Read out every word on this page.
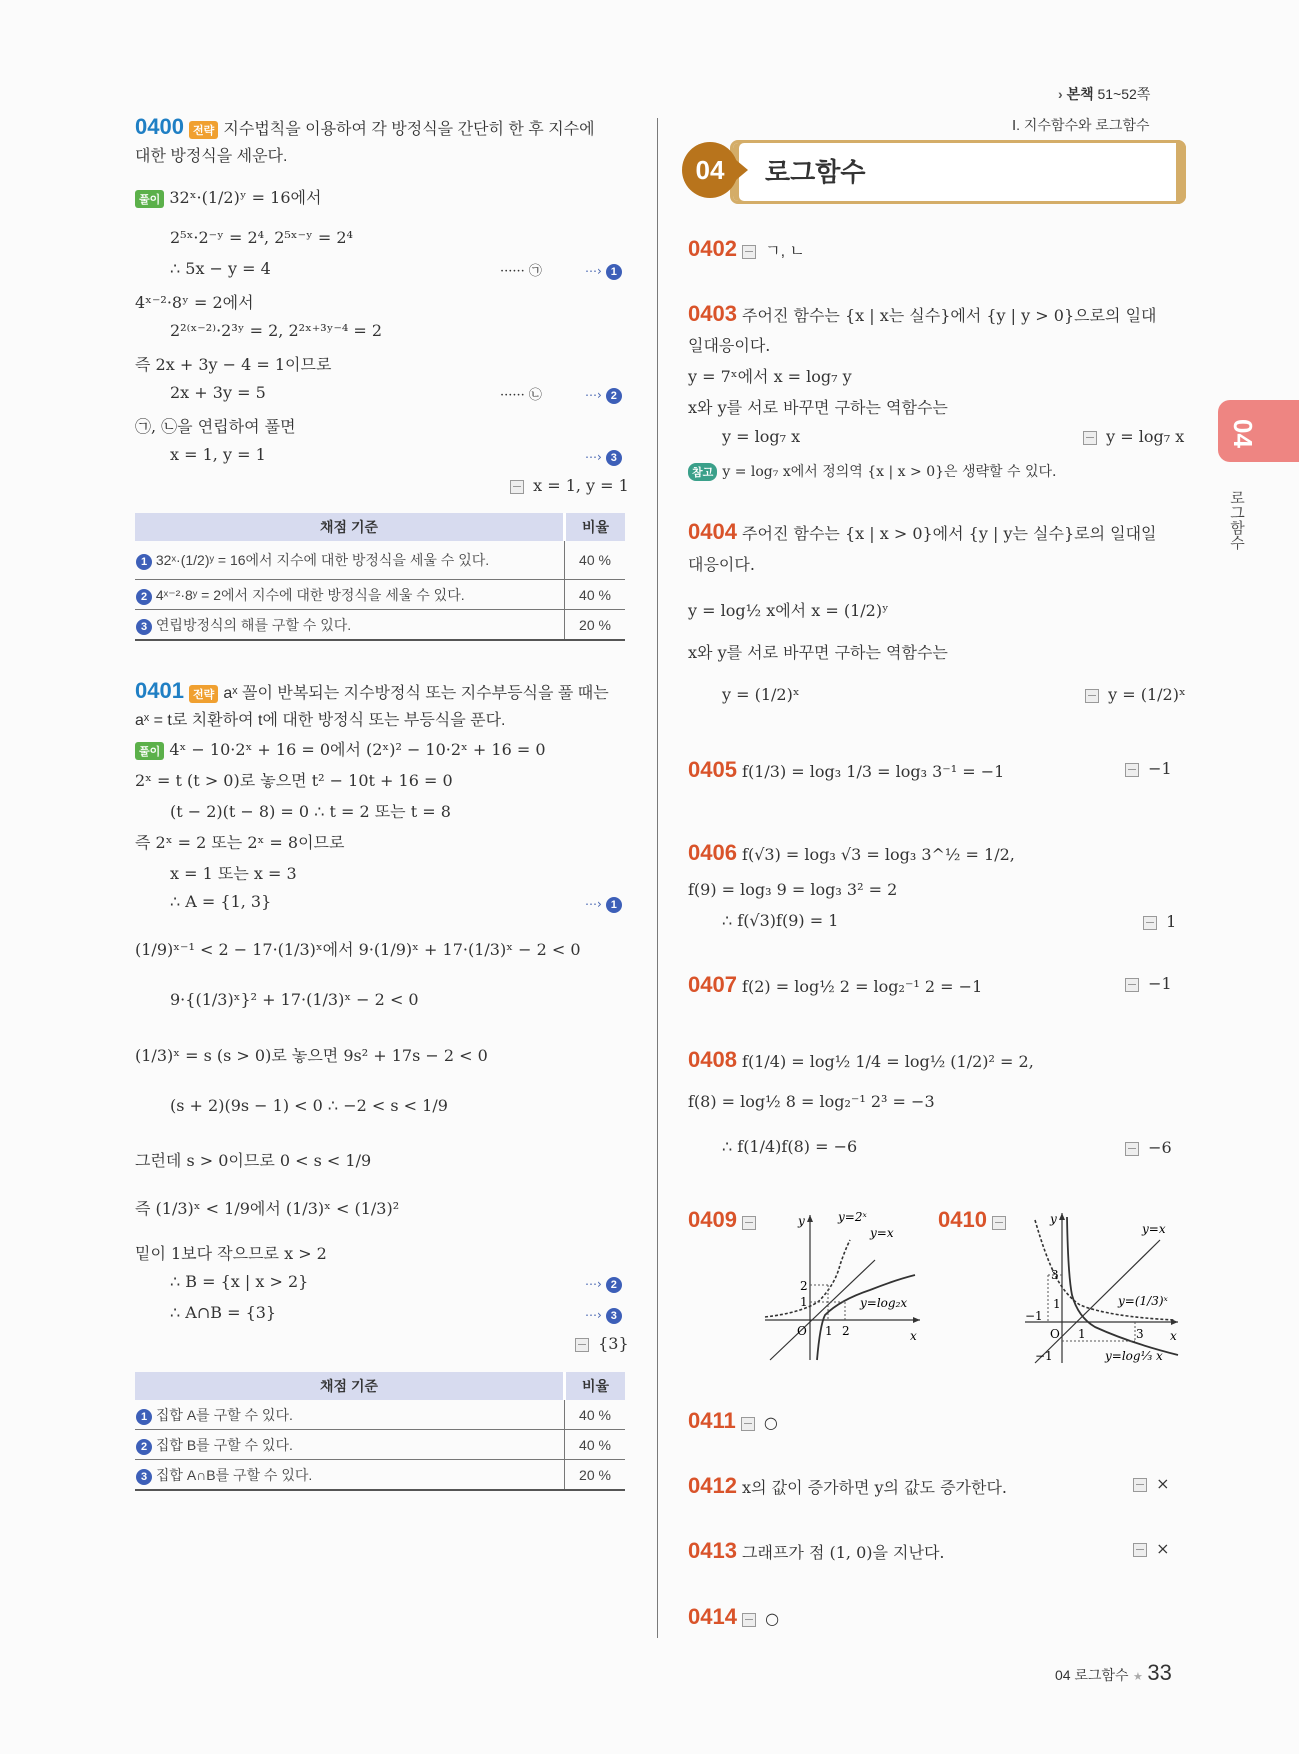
› 본책 51~52쪽
Ⅰ. 지수함수와 로그함수
04	로그함수
04
로그함수
0400 전략 지수법칙을 이용하여 각 방정식을 간단히 한 후 지수에
대한 방정식을 세운다.
풀이 32ˣ·(1/2)ʸ = 16에서
2⁵ˣ·2⁻ʸ = 2⁴, 2⁵ˣ⁻ʸ = 2⁴
∴ 5x − y = 4	······ ㉠	⋯› 1
4ˣ⁻²·8ʸ = 2에서
2²⁽ˣ⁻²⁾·2³ʸ = 2, 2²ˣ⁺³ʸ⁻⁴ = 2
즉 2x + 3y − 4 = 1이므로
2x + 3y = 5	······ ㉡	⋯› 2
㉠, ㉡을 연립하여 풀면
x = 1, y = 1	⋯› 3
x = 1, y = 1
채점 기준	비율
1 32ˣ·(1/2)ʸ = 16에서 지수에 대한 방정식을 세울 수 있다.	40 %
2 4ˣ⁻²·8ʸ = 2에서 지수에 대한 방정식을 세울 수 있다.	40 %
3 연립방정식의 해를 구할 수 있다.	20 %
0401 전략 aˣ 꼴이 반복되는 지수방정식 또는 지수부등식을 풀 때는
aˣ = t로 치환하여 t에 대한 방정식 또는 부등식을 푼다.
풀이 4ˣ − 10·2ˣ + 16 = 0에서 (2ˣ)² − 10·2ˣ + 16 = 0
2ˣ = t (t > 0)로 놓으면 t² − 10t + 16 = 0
(t − 2)(t − 8) = 0 ∴ t = 2 또는 t = 8
즉 2ˣ = 2 또는 2ˣ = 8이므로
x = 1 또는 x = 3
∴ A = {1, 3}	⋯› 1
(1/9)ˣ⁻¹ < 2 − 17·(1/3)ˣ에서 9·(1/9)ˣ + 17·(1/3)ˣ − 2 < 0
9·{(1/3)ˣ}² + 17·(1/3)ˣ − 2 < 0
(1/3)ˣ = s (s > 0)로 놓으면 9s² + 17s − 2 < 0
(s + 2)(9s − 1) < 0 ∴ −2 < s < 1/9
그런데 s > 0이므로 0 < s < 1/9
즉 (1/3)ˣ < 1/9에서 (1/3)ˣ < (1/3)²
밑이 1보다 작으므로 x > 2
∴ B = {x | x > 2}	⋯› 2
∴ A∩B = {3}	⋯› 3
{3}
채점 기준	비율
1 집합 A를 구할 수 있다.	40 %
2 집합 B를 구할 수 있다.	40 %
3 집합 A∩B를 구할 수 있다.	20 %
0402 ㄱ, ㄴ
0403 주어진 함수는 {x | x는 실수}에서 {y | y > 0}으로의 일대
일대응이다.
y = 7ˣ에서 x = log₇ y
x와 y를 서로 바꾸면 구하는 역함수는
y = log₇ x	y = log₇ x
참고 y = log₇ x에서 정의역 {x | x > 0}은 생략할 수 있다.
0404 주어진 함수는 {x | x > 0}에서 {y | y는 실수}로의 일대일
대응이다.
y = log½ x에서 x = (1/2)ʸ
x와 y를 서로 바꾸면 구하는 역함수는
y = (1/2)ˣ	y = (1/2)ˣ
0405 f(1/3) = log₃ 1/3 = log₃ 3⁻¹ = −1	−1
0406 f(√3) = log₃ √3 = log₃ 3^½ = 1/2,
f(9) = log₃ 9 = log₃ 3² = 2
∴ f(√3)f(9) = 1	1
0407 f(2) = log½ 2 = log₂⁻¹ 2 = −1	−1
0408 f(1/4) = log½ 1/4 = log½ (1/2)² = 2,
f(8) = log½ 8 = log₂⁻¹ 2³ = −3
∴ f(1/4)f(8) = −6	−6
0409	y
x
O 1 2
1
2
y=2ˣ
y=x
y=log₂x
0410	y
x
O 1	3
−1
1
3
−1
y=x
y=(1/3)ˣ
y=log⅓ x
0411 ○
0412 x의 값이 증가하면 y의 값도 증가한다.	×
0413 그래프가 점 (1, 0)을 지난다.	×
0414 ○
04 로그함수 ★ 33
